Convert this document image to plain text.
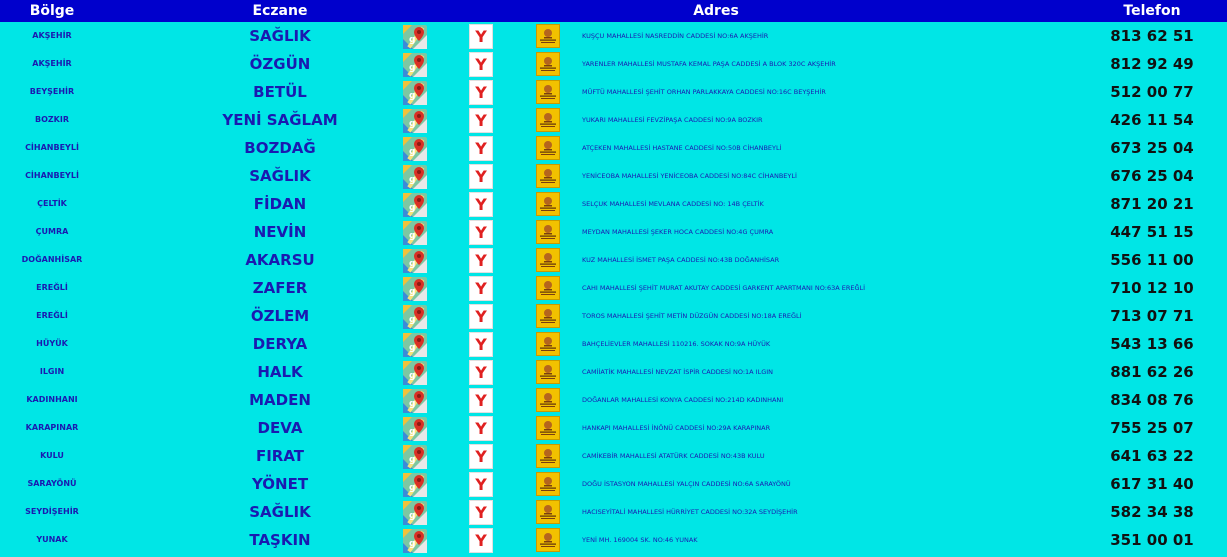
Bölge	Eczane	Adres	Telefon
AKŞEHİR	SAĞLIK	g	Y	KUŞÇU MAHALLESİ NASREDDİN CADDESİ NO:6A AKŞEHİR	813 62 51
AKŞEHİR	ÖZGÜN	g	Y	YARENLER MAHALLESİ MUSTAFA KEMAL PAŞA CADDESİ A BLOK 320C AKŞEHİR	812 92 49
BEYŞEHİR	BETÜL	g	Y	MÜFTÜ MAHALLESİ ŞEHİT ORHAN PARLAKKAYA CADDESİ NO:16C BEYŞEHİR	512 00 77
BOZKIR	YENİ SAĞLAM	g	Y	YUKARI MAHALLESİ FEVZİPAŞA CADDESİ NO:9A BOZKIR	426 11 54
CİHANBEYLİ	BOZDAĞ	g	Y	ATÇEKEN MAHALLESİ HASTANE CADDESİ NO:50B CİHANBEYLİ	673 25 04
CİHANBEYLİ	SAĞLIK	g	Y	YENİCEOBA MAHALLESİ YENİCEOBA CADDESİ NO:84C CİHANBEYLİ	676 25 04
ÇELTİK	FİDAN	g	Y	SELÇUK MAHALLESİ MEVLANA CADDESİ NO: 14B ÇELTİK	871 20 21
ÇUMRA	NEVİN	g	Y	MEYDAN MAHALLESİ ŞEKER HOCA CADDESİ NO:4G ÇUMRA	447 51 15
DOĞANHİSAR	AKARSU	g	Y	KUZ MAHALLESİ İSMET PAŞA CADDESİ NO:43B DOĞANHİSAR	556 11 00
EREĞLİ	ZAFER	g	Y	CAHI MAHALLESİ ŞEHİT MURAT AKUTAY CADDESİ GARKENT APARTMANI NO:63A EREĞLİ	710 12 10
EREĞLİ	ÖZLEM	g	Y	TOROS MAHALLESİ ŞEHİT METİN DÜZGÜN CADDESİ NO:18A EREĞLİ	713 07 71
HÜYÜK	DERYA	g	Y	BAHÇELİEVLER MAHALLESİ 110216. SOKAK NO:9A HÜYÜK	543 13 66
ILGIN	HALK	g	Y	CAMİİATİK MAHALLESİ NEVZAT İSPİR CADDESİ NO:1A ILGIN	881 62 26
KADINHANI	MADEN	g	Y	DOĞANLAR MAHALLESİ KONYA CADDESİ NO:214D KADINHANI	834 08 76
KARAPINAR	DEVA	g	Y	HANKAPI MAHALLESİ İNÖNÜ CADDESİ NO:29A KARAPINAR	755 25 07
KULU	FIRAT	g	Y	CAMİKEBİR MAHALLESİ ATATÜRK CADDESİ NO:43B KULU	641 63 22
SARAYÖNÜ	YÖNET	g	Y	DOĞU İSTASYON MAHALLESİ YALÇIN CADDESİ NO:6A SARAYÖNÜ	617 31 40
SEYDİŞEHİR	SAĞLIK	g	Y	HACISEYİTALİ MAHALLESİ HÜRRİYET CADDESİ NO:32A SEYDİŞEHİR	582 34 38
YUNAK	TAŞKIN	g	Y	YENİ MH. 169004 SK. NO:46 YUNAK	351 00 01
